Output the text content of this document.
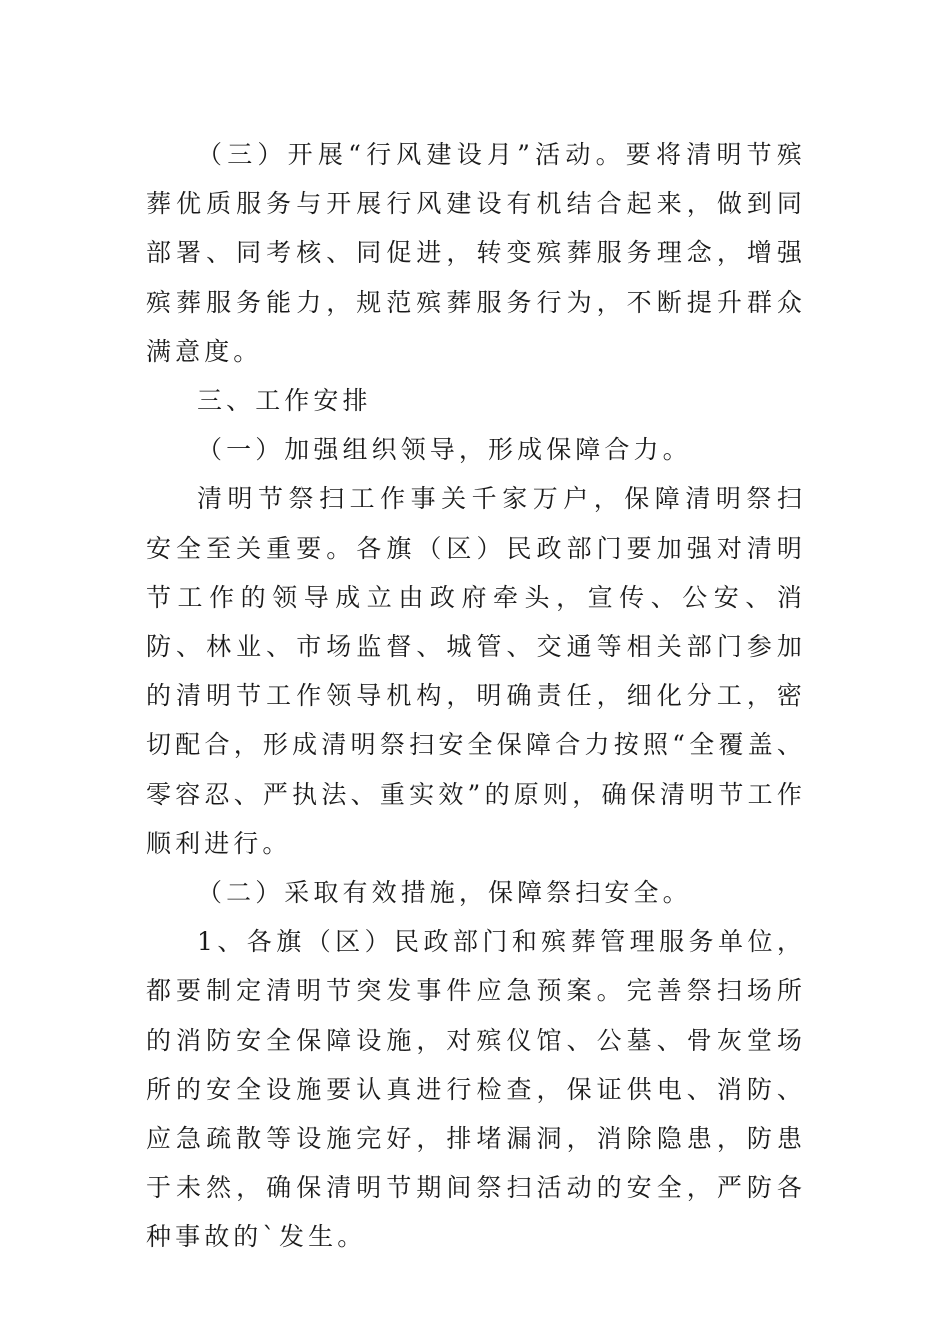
（三）开展“行风建设月”活动。要将清明节殡葬优质服务与开展行风建设有机结合起来，做到同部署、同考核、同促进，转变殡葬服务理念，增强殡葬服务能力，规范殡葬服务行为，不断提升群众满意度。

三、工作安排

（一）加强组织领导，形成保障合力。

清明节祭扫工作事关千家万户，保障清明祭扫安全至关重要。各旗（区）民政部门要加强对清明节工作的领导成立由政府牵头，宣传、公安、消防、林业、市场监督、城管、交通等相关部门参加的清明节工作领导机构，明确责任，细化分工，密切配合，形成清明祭扫安全保障合力按照“全覆盖、零容忍、严执法、重实效”的原则，确保清明节工作顺利进行。

（二）采取有效措施，保障祭扫安全。

1、各旗（区）民政部门和殡葬管理服务单位，都要制定清明节突发事件应急预案。完善祭扫场所的消防安全保障设施，对殡仪馆、公墓、骨灰堂场所的安全设施要认真进行检查，保证供电、消防、应急疏散等设施完好，排堵漏洞，消除隐患，防患于未然，确保清明节期间祭扫活动的安全，严防各种事故的`发生。
